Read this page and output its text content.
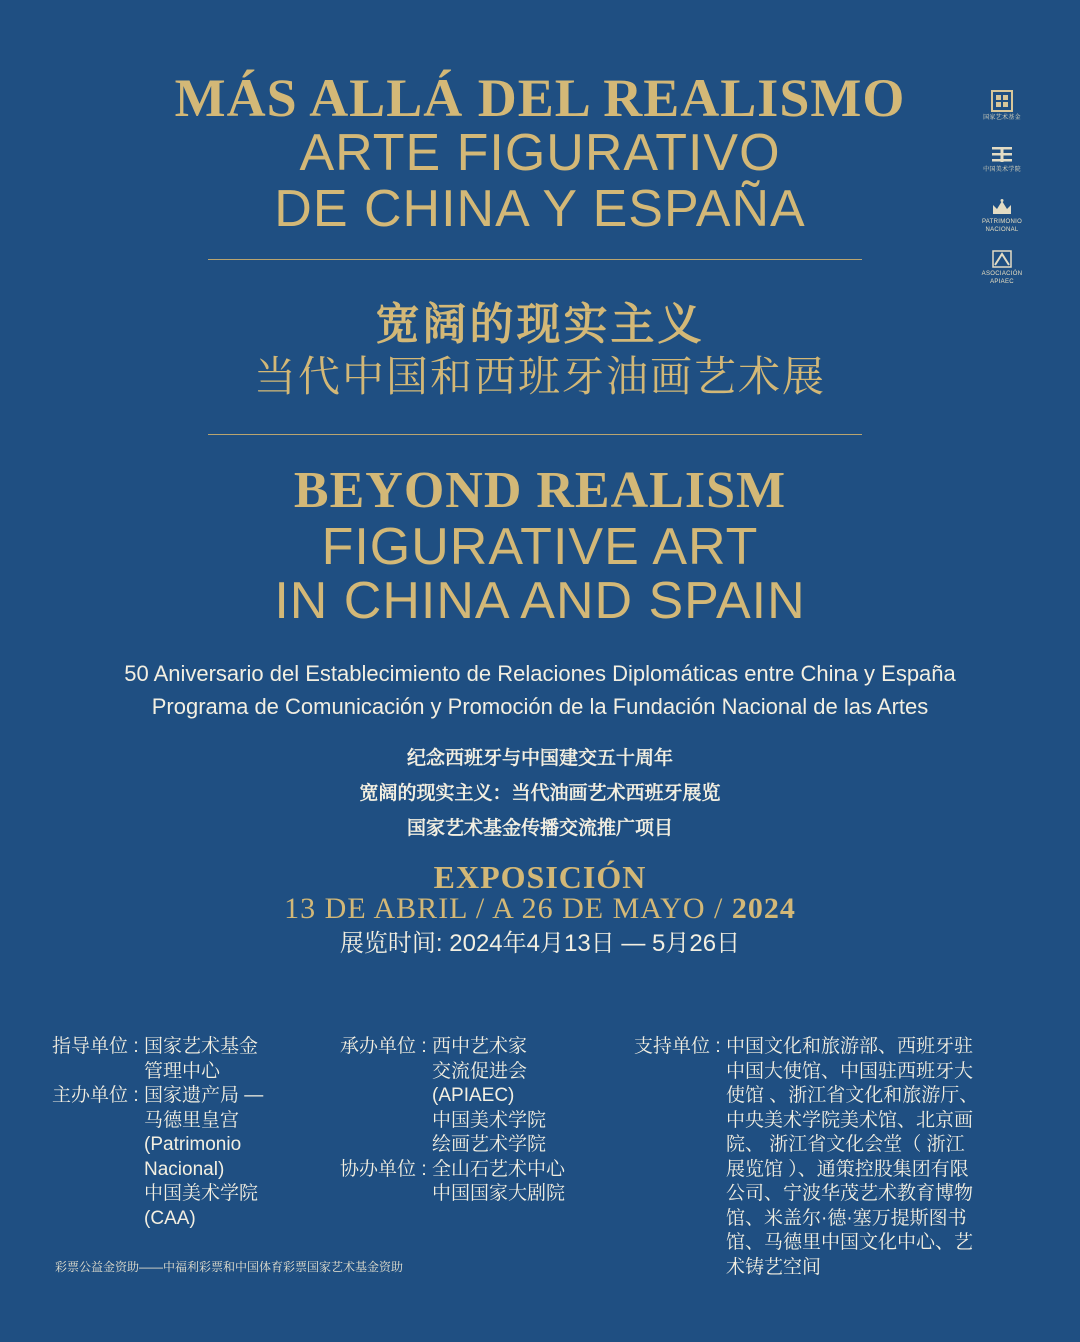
MÁS ALLÁ DEL REALISMO
ARTE FIGURATIVO
DE CHINA Y ESPAÑA
宽阔的现实主义
当代中国和西班牙油画艺术展
BEYOND REALISM
FIGURATIVE ART
IN CHINA AND SPAIN
50 Aniversario del Establecimiento de Relaciones Diplomáticas entre China y España
Programa de Comunicación y Promoción de la Fundación Nacional de las Artes
纪念西班牙与中国建交五十周年
宽阔的现实主义：当代油画艺术西班牙展览
国家艺术基金传播交流推广项目
EXPOSICIÓN
13 DE ABRIL / A 26 DE MAYO / 2024
展览时间: 2024年4月13日 — 5月26日
指导单位 : 国家艺术基金
管理中心
主办单位 : 国家遗产局 —
马德里皇宫
(Patrimonio
Nacional)
中国美术学院
(CAA)
承办单位 : 西中艺术家
交流促进会
(APIAEC)
中国美术学院
绘画艺术学院
协办单位 : 全山石艺术中心
中国国家大剧院
支持单位 : 中国文化和旅游部、西班牙驻
中国大使馆、中国驻西班牙大
使馆 、浙江省文化和旅游厅、
中央美术学院美术馆、北京画
院、 浙江省文化会堂（ 浙江
展览馆 ）、通策控股集团有限
公司、宁波华茂艺术教育博物
馆、米盖尔·德·塞万提斯图书
馆、马德里中国文化中心、艺
术铸艺空间
彩票公益金资助——中福利彩票和中国体育彩票国家艺术基金资助
国家艺术基金
中国美术学院
PATRIMONIO NACIONAL
ASOCIACIÓN APIAEC
